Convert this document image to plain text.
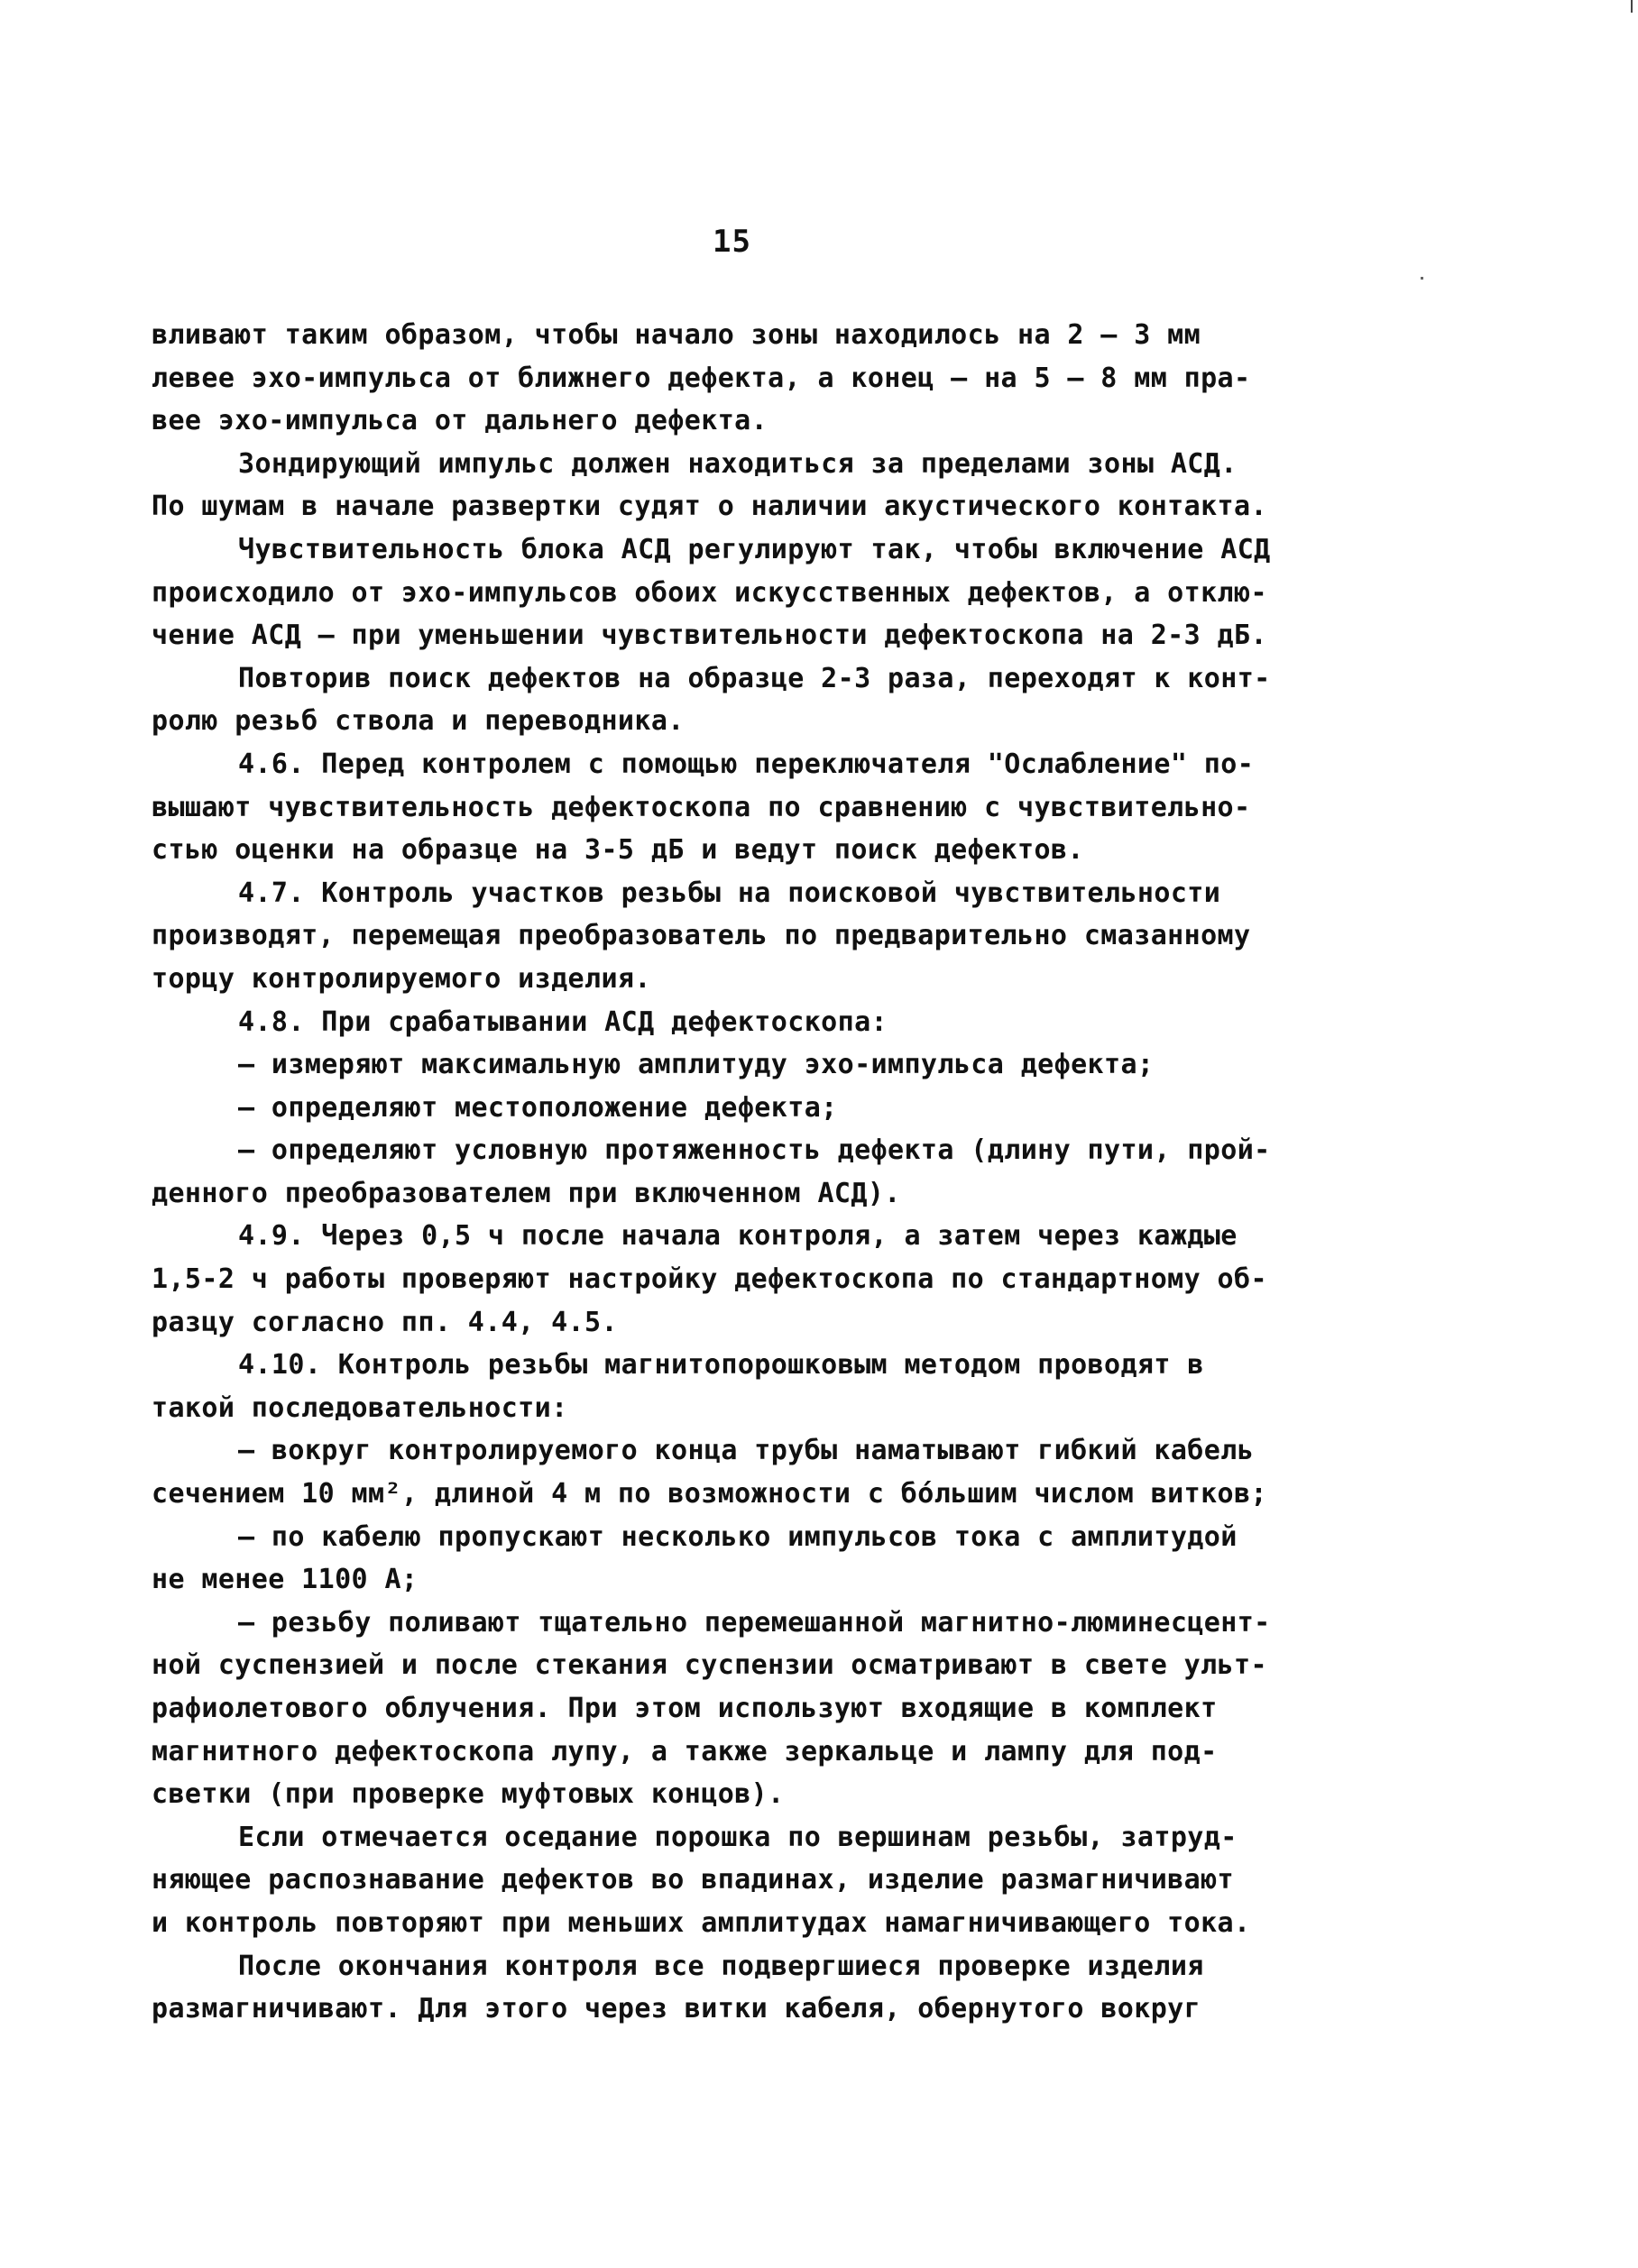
15
вливают таким образом, чтобы начало зоны находилось на 2 – 3 мм
левее эхо-импульса от ближнего дефекта, а конец – на 5 – 8 мм пра-
вее эхо-импульса от дальнего дефекта.
Зондирующий импульс должен находиться за пределами зоны АСД.
По шумам в начале развертки судят о наличии акустического контакта.
Чувствительность блока АСД регулируют так, чтобы включение АСД
происходило от эхо-импульсов обоих искусственных дефектов, а отклю-
чение АСД – при уменьшении чувствительности дефектоскопа на 2-3 дБ.
Повторив поиск дефектов на образце 2-3 раза, переходят к конт-
ролю резьб ствола и переводника.
4.6. Перед контролем с помощью переключателя "Ослабление" по-
вышают чувствительность дефектоскопа по сравнению с чувствительно-
стью оценки на образце на 3-5 дБ и ведут поиск дефектов.
4.7. Контроль участков резьбы на поисковой чувствительности
производят, перемещая преобразователь по предварительно смазанному
торцу контролируемого изделия.
4.8. При срабатывании АСД дефектоскопа:
– измеряют максимальную амплитуду эхо-импульса дефекта;
– определяют местоположение дефекта;
– определяют условную протяженность дефекта (длину пути, прой-
денного преобразователем при включенном АСД).
4.9. Через 0,5 ч после начала контроля, а затем через каждые
1,5-2 ч работы проверяют настройку дефектоскопа по стандартному об-
разцу согласно пп. 4.4, 4.5.
4.10. Контроль резьбы магнитопорошковым методом проводят в
такой последовательности:
– вокруг контролируемого конца трубы наматывают гибкий кабель
сечением 10 мм², длиной 4 м по возможности с бо́льшим числом витков;
– по кабелю пропускают несколько импульсов тока с амплитудой
не менее 1100 А;
– резьбу поливают тщательно перемешанной магнитно-люминесцент-
ной суспензией и после стекания суспензии осматривают в свете ульт-
рафиолетового облучения. При этом используют входящие в комплект
магнитного дефектоскопа лупу, а также зеркальце и лампу для под-
светки (при проверке муфтовых концов).
Если отмечается оседание порошка по вершинам резьбы, затруд-
няющее распознавание дефектов во впадинах, изделие размагничивают
и контроль повторяют при меньших амплитудах намагничивающего тока.
После окончания контроля все подвергшиеся проверке изделия
размагничивают. Для этого через витки кабеля, обернутого вокруг
